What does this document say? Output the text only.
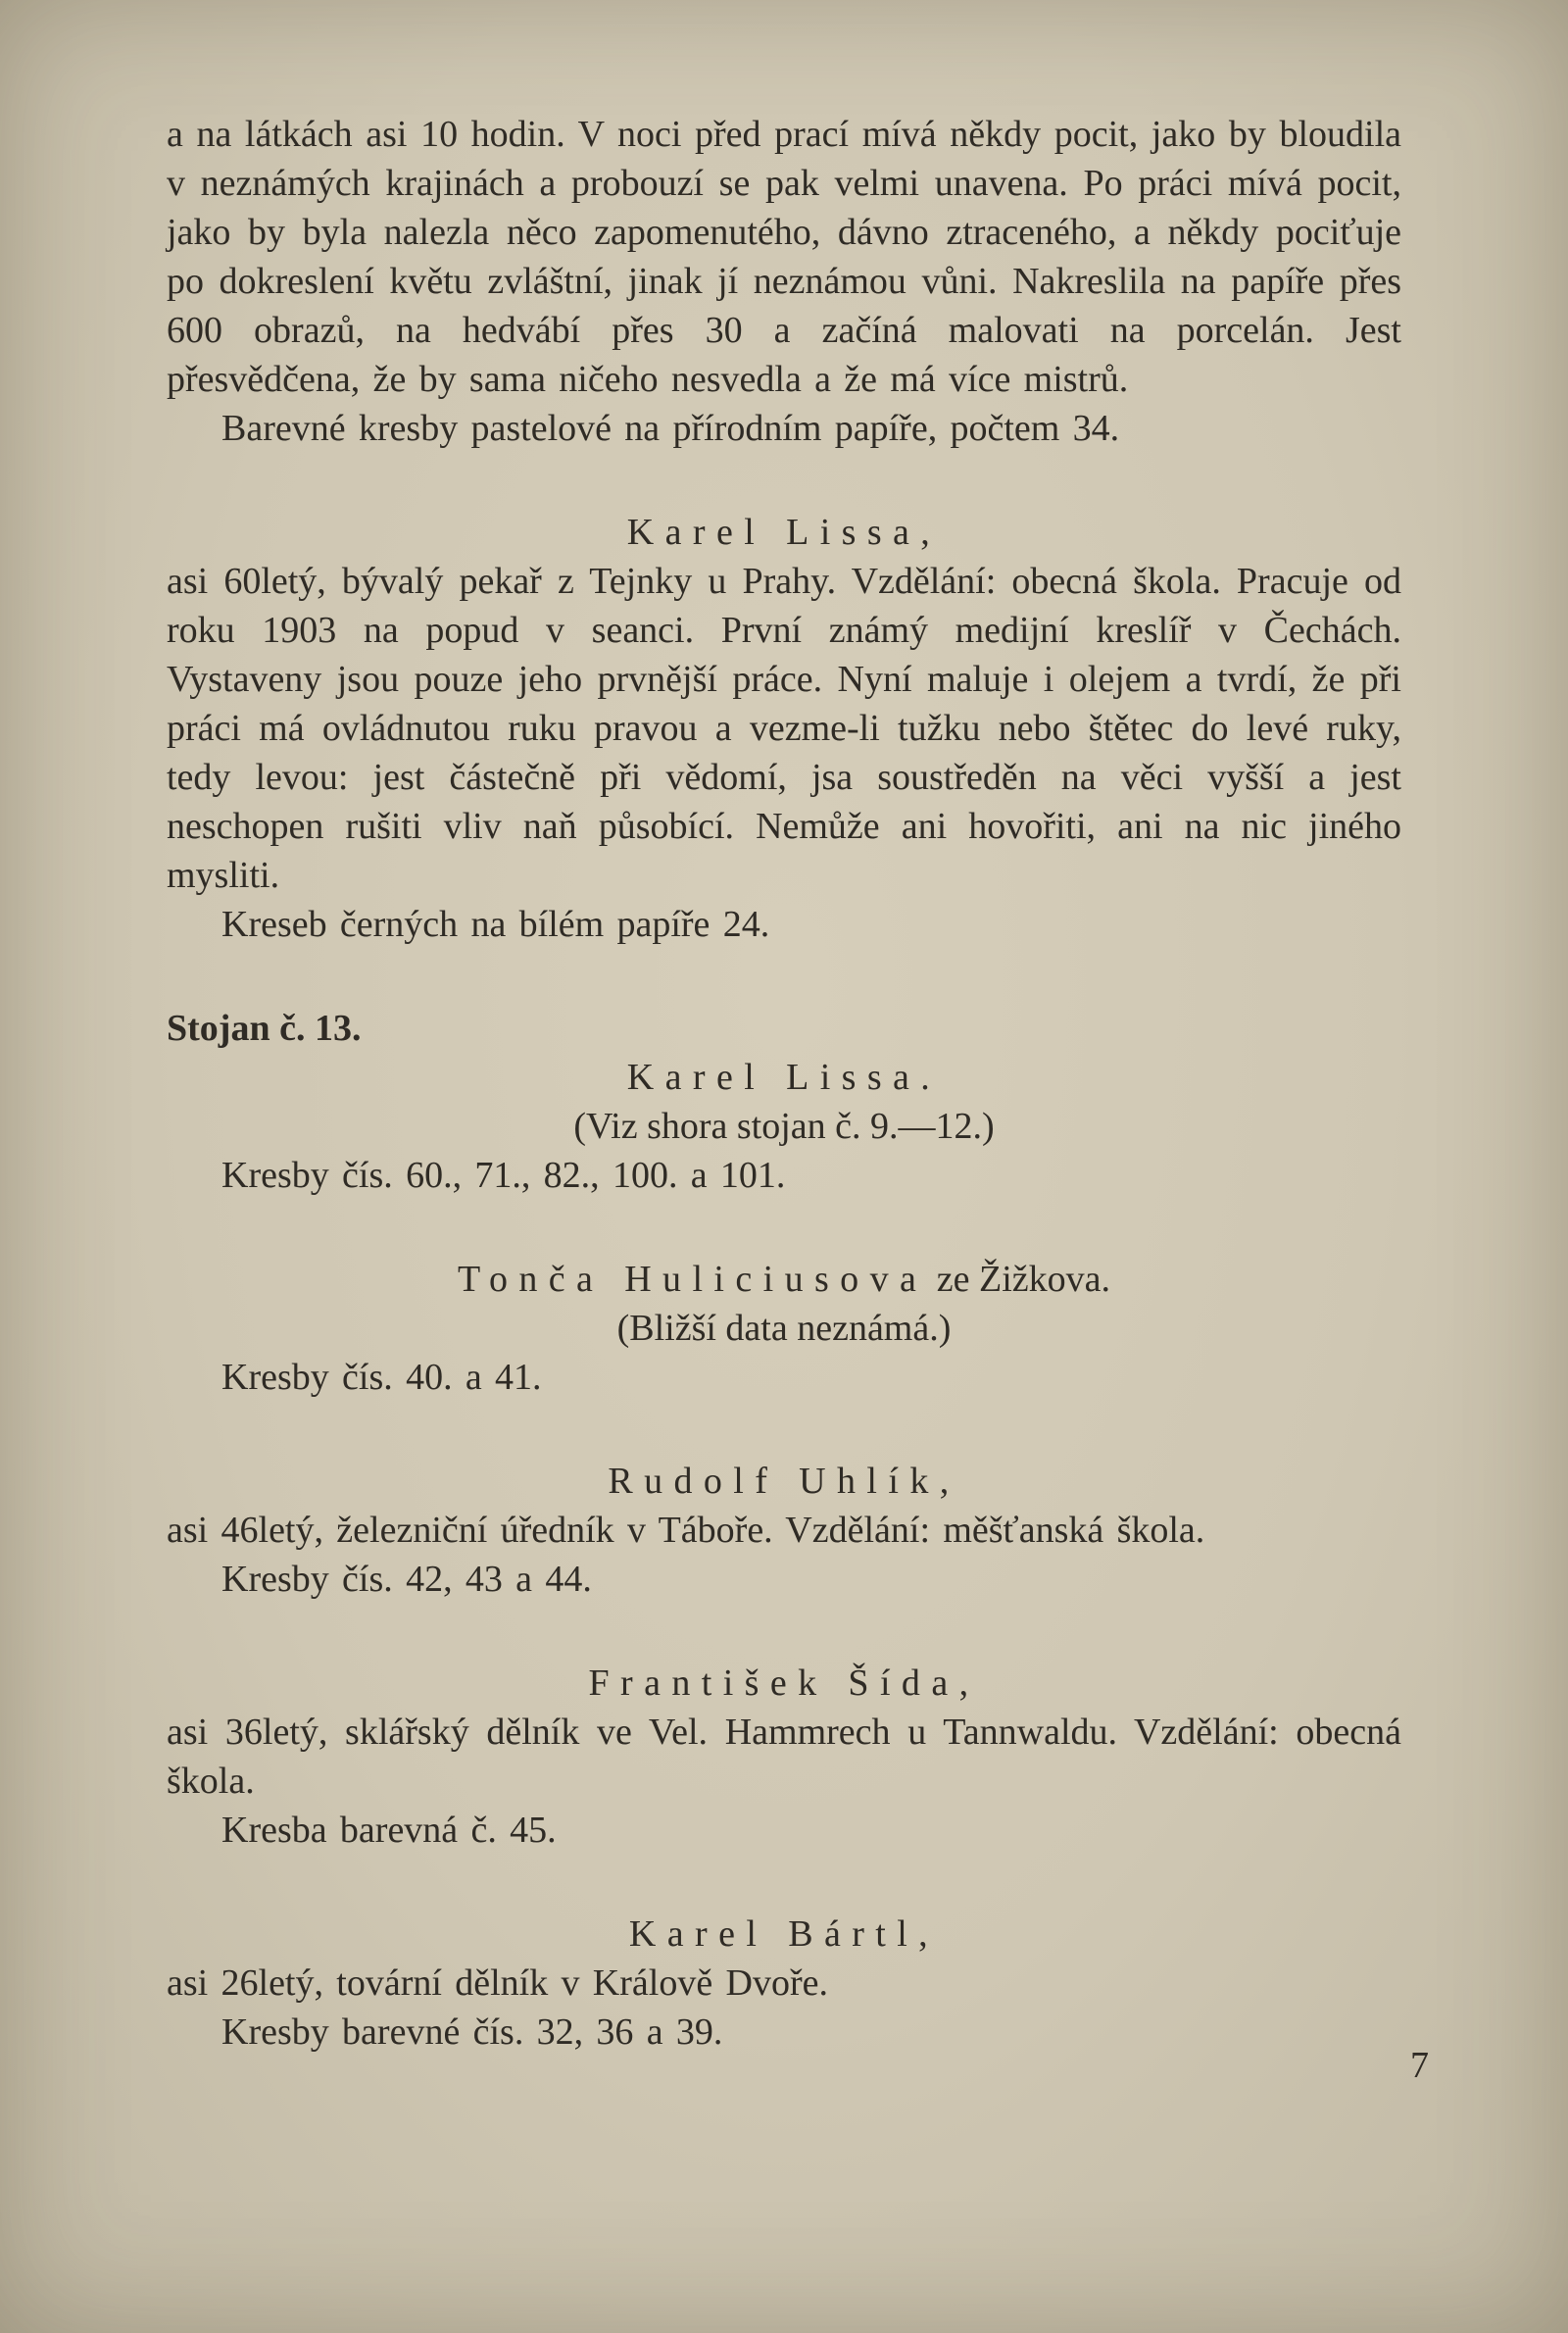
a na látkách asi 10 hodin. V noci před prací mívá někdy pocit, jako by bloudila v neznámých krajinách a probouzí se pak velmi unavena. Po práci mívá pocit, jako by byla nalezla něco zapomenutého, dávno ztraceného, a někdy pociťuje po dokreslení květu zvláštní, jinak jí neznámou vůni. Nakreslila na papíře přes 600 obrazů, na hedvábí přes 30 a začíná malovati na porcelán. Jest přesvědčena, že by sama ničeho nesvedla a že má více mistrů.
Barevné kresby pastelové na přírodním papíře, počtem 34.
Karel Lissa,
asi 60letý, bývalý pekař z Tejnky u Prahy. Vzdělání: obecná škola. Pracuje od roku 1903 na popud v seanci. První známý medijní kreslíř v Čechách. Vystaveny jsou pouze jeho prvnější práce. Nyní maluje i olejem a tvrdí, že při práci má ovládnutou ruku pravou a vezme-li tužku nebo štětec do levé ruky, tedy levou: jest částečně při vědomí, jsa soustředěn na věci vyšší a jest neschopen rušiti vliv naň působící. Nemůže ani hovořiti, ani na nic jiného mysliti.
Kreseb černých na bílém papíře 24.
Stojan č. 13.
Karel Lissa.
(Viz shora stojan č. 9.—12.)
Kresby čís. 60., 71., 82., 100. a 101.
Tonča Huliciusova ze Žižkova.
(Bližší data neznámá.)
Kresby čís. 40. a 41.
Rudolf Uhlík,
asi 46letý, železniční úředník v Táboře. Vzdělání: měšťanská škola.
Kresby čís. 42, 43 a 44.
František Šída,
asi 36letý, sklářský dělník ve Vel. Hammrech u Tannwaldu. Vzdělání: obecná škola.
Kresba barevná č. 45.
Karel Bártl,
asi 26letý, tovární dělník v Králově Dvoře.
Kresby barevné čís. 32, 36 a 39.
7
